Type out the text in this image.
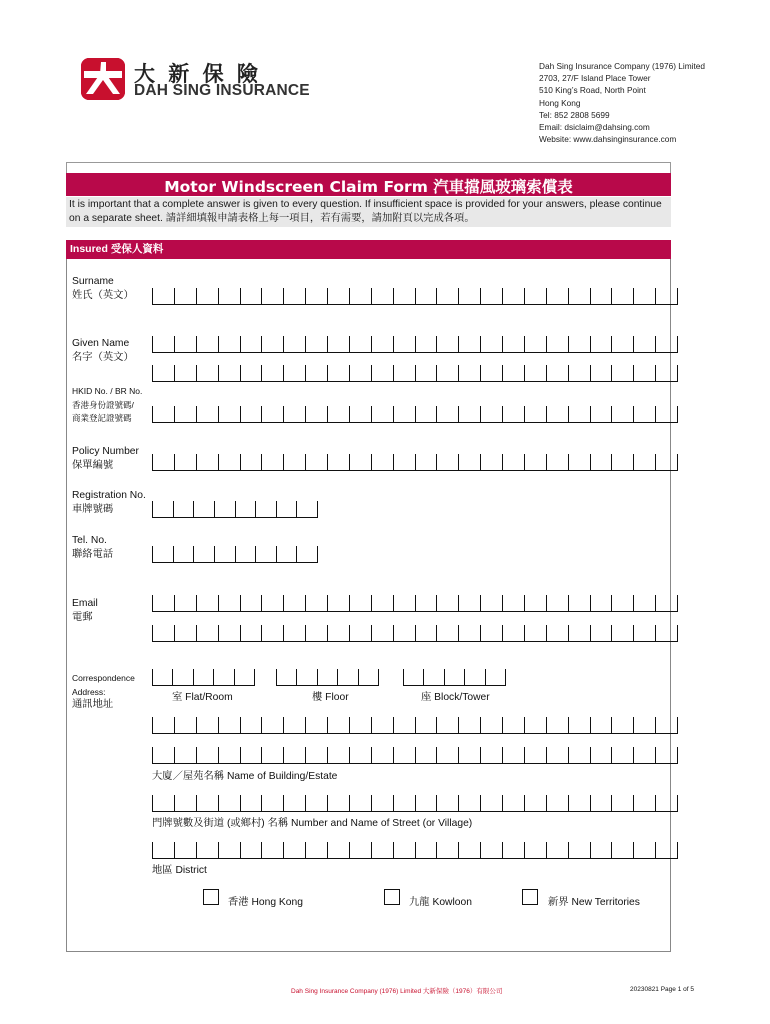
大 新 保 險
DAH SING INSURANCE
Dah Sing Insurance Company (1976) Limited
2703, 27/F Island Place Tower
510 King’s Road, North Point
Hong Kong
Tel: 852 2808 5699
Email: dsiclaim@dahsing.com
Website: www.dahsinginsurance.com
Motor Windscreen Claim Form 汽車擋風玻璃索償表
It is important that a complete answer is given to every question. If insufficient space is provided for your answers, please continue
on a separate sheet. 請詳細填報申請表格上每一項目，若有需要，請加附頁以完成各項。
Insured 受保人資料
Surname
姓氏（英文）
Given Name
名字（英文）
HKID No. / BR No.
香港身份證號碼/
商業登記證號碼
Policy Number
保單編號
Registration No.
車牌號碼
Tel. No.
聯絡電話
Email
電郵
Correspondence
Address:
通訊地址
室 Flat/Room	樓 Floor	座 Block/Tower
大廈／屋苑名稱 Name of Building/Estate
門牌號數及街道 (或鄉村) 名稱 Number and Name of Street (or Village)
地區 District
香港 Hong Kong	九龍 Kowloon	新界 New Territories
Dah Sing Insurance Company (1976) Limited 大新保險（1976）有限公司	20230821 Page 1 of 5
